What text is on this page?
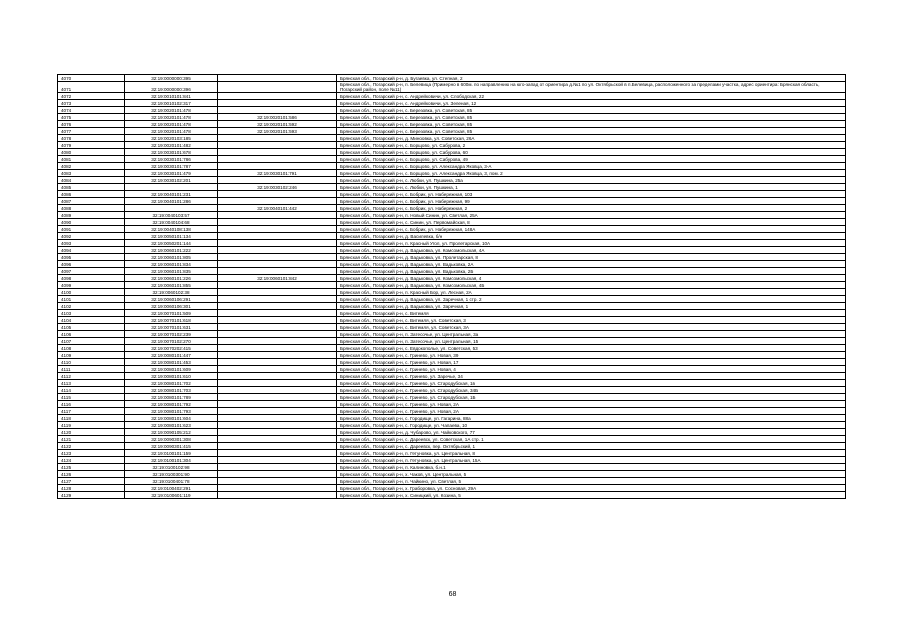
4070	32:19:0000000:395		Брянская обл., Погарский р-н, д. Бугаевка, ул. Степная, 2
4071	32:19:0000000:396		Брянская обл., Погарский р-н, п. Белевица (Примерно в 600м. по направлению на юго-запад от ориентира д.№1 по ул. Октябрьской в п.Белевица, расположенного за пределами участка, адрес ориентира: Брянская область, Погарский район, поле №11)
4072	32:19:0010101:841		Брянская обл., Погарский р-н, с. Андрейковичи, ул. Слободская, 22
4073	32:19:0010102:317		Брянская обл., Погарский р-н, с. Андрейковичи, ул. Зеленая, 12
4074	32:19:0020101:478		Брянская обл., Погарский р-н, с. Березовка, ул. Советская, 85
4075	32:19:0020101:478	32:19:0020101:586	Брянская обл., Погарский р-н, с. Березовка, ул. Советская, 85
4076	32:19:0020101:478	32:19:0020101:592	Брянская обл., Погарский р-н, с. Березовка, ул. Советская, 85
4077	32:19:0020101:478	32:19:0020101:593	Брянская обл., Погарский р-н, с. Березовка, ул. Советская, 85
4078	32:19:0020103:185		Брянская обл., Погарский р-н, д. Миноовка, ул. Советская, 26А
4079	32:19:0020101:482		Брянская обл., Погарский р-н, с. Борщово, ул. Сабурова, 2
4080	32:19:0030101:678		Брянская обл., Погарский р-н, с. Борщово, ул. Сабурова, 60
4081	32:19:0030101:786		Брянская обл., Погарский р-н, с. Борщово, ул. Сабурова, 49
4082	32:19:0030101:787		Брянская обл., Погарский р-н, с. Борщово, ул. Александра Яковца, 3-А
4083	32:19:0030101:479	32:19:0030101:791	Брянская обл., Погарский р-н, с. Борщово, ул. Александра Яковца, 3, пом. 2
4084	32:19:0030102:201		Брянская обл., Погарский р-н, с. Любки, ул. Пушкина, 25а
4085		32:19:0030102:246	Брянская обл., Погарский р-н, с. Любки, ул. Пушкина, 1
4086	32:19:0040101:231		Брянская обл., Погарский р-н, с. Бобрик, ул. Набережная, 103
4087	32:19:0040101:286		Брянская обл., Погарский р-н, с. Бобрик, ул. Набережная, 99
4088		32:19:0040101:442	Брянская обл., Погарский р-н, с. Бобрик, ул. Набережная, 2
4089	32:19:0040103:57		Брянская обл., Погарский р-н, п. Новый Синин, ул. Светлая, 25А
4090	32:19:0040104:68		Брянская обл., Погарский р-н, с. Синин, ул. Первомайская, 8
4091	32:19:0040108:138		Брянская обл., Погарский р-н, с. Бобрик, ул. Набережная, 148А
4092	32:19:0050101:134		Брянская обл., Погарский р-н, д. Василевка, б/н
4093	32:19:0050201:144		Брянская обл., Погарский р-н, п. Красный Угол, ул. Пролетарская, 10А
4094	32:19:0060101:222		Брянская обл., Погарский р-н, д. Вадьковка, ул. Комсомольская, 4А
4095	32:19:0060101:805		Брянская обл., Погарский р-н, д. Вадьковка, ул. Пролетарская, 8
4096	32:19:0060101:834		Брянская обл., Погарский р-н, д. Вадьковка, ул. Вадьковка, 2А
4097	32:19:0060101:835		Брянская обл., Погарский р-н, д. Вадьковка, ул. Вадьковка, 2Б
4098	32:19:0060101:226	32:19:0060101:842	Брянская обл., Погарский р-н, д. Вадьковка, ул. Комсомольская, 4
4099	32:19:0060101:855		Брянская обл., Погарский р-н, д. Вадьковка, ул. Комсомольская, 4Б
4100	32:19:0060102:38		Брянская обл., Погарский р-н, п. Красный Бор, ул. Лесная, 2А
4101	32:19:0060106:291		Брянская обл., Погарский р-н, д. Вадьковка, ул. Заречная, 1 стр. 2
4102	32:19:0060106:301		Брянская обл., Погарский р-н, д. Вадьковка, ул. Заречная, 1
4103	32:19:0070101:509		Брянская обл., Погарский р-н, с. Витемля
4104	32:19:0070101:618		Брянская обл., Погарский р-н, с. Витемля, ул. Советская, 3
4105	32:19:0070101:631		Брянская обл., Погарский р-н, с. Витемля, ул. Советская, 3А
4106	32:19:0070102:239		Брянская обл., Погарский р-н, п. Затесочье, ул. Центральная, 3а
4107	32:19:0070102:270		Брянская обл., Погарский р-н, п. Затесочье, ул. Центральная, 15
4108	32:19:0070202:415		Брянская обл., Погарский р-н, с. Евдокополье, ул. Советская, 53
4109	32:19:0080101:447		Брянская обл., Погарский р-н, с. Гриневo, ул. Новая, 39
4110	32:19:0080101:453		Брянская обл., Погарский р-н, с. Гриневo, ул. Новая, 17
4111	32:19:0080101:609		Брянская обл., Погарский р-н, с. Гриневo, ул. Новая, 4
4112	32:19:0080101:610		Брянская обл., Погарский р-н, с. Гриневo, ул. Заречье, 34
4113	32:19:0080101:702		Брянская обл., Погарский р-н, с. Гриневo, ул. Стародубская, 1в
4114	32:19:0080101:703		Брянская обл., Погарский р-н, с. Гриневo, ул. Стародубская, 34Б
4115	32:19:0080101:789		Брянская обл., Погарский р-н, с. Гриневo, ул. Стародубская, 1Б
4116	32:19:0080101:792		Брянская обл., Погарский р-н, с. Гриневo, ул. Новая, 2А
4117	32:19:0080101:793		Брянская обл., Погарский р-н, с. Гриневo, ул. Новая, 2А
4118	32:19:0080101:604		Брянская обл., Погарский р-н, с. Городище, ул. Гагарина, 88а
4119	32:19:0080101:623		Брянская обл., Погарский р-н, с. Городище, ул. Чапаева, 10
4120	32:19:0090105:212		Брянская обл., Погарский р-н, д. Чубарово, ул. Чайковского, 77
4121	32:19:0090301:308		Брянская обл., Погарский р-н, с. Дареевск, ул. Советская, 1А стр. 1
4122	32:19:0090301:415		Брянская обл., Погарский р-н, с. Дареевск, пер. Октябрьский, 1
4123	32:19:0100101:159		Брянская обл., Погарский р-н, п. Гетуновка, ул. Центральная, 8
4124	32:19:0100101:304		Брянская обл., Погарский р-н, п. Гетуновка, ул. Центральная, 15А
4125	32:19:0100102:98		Брянская обл., Погарский р-н, п. Калиновка, б.н.1
4126	32:19:0100301:90		Брянская обл., Погарский р-н, х. Чаков, ул. Центральная, 5
4127	32:19:0100401:78		Брянская обл., Погарский р-н, п. Чайкино, ул. Светлая, 5
4128	32:19:0100402:291		Брянская обл., Погарский р-н, х. Граборовка, ул. Сосновая, 29А
4129	32:19:0100601:119		Брянская обл., Погарский р-н, х. Синицкий, ул. Козина, 5
68
